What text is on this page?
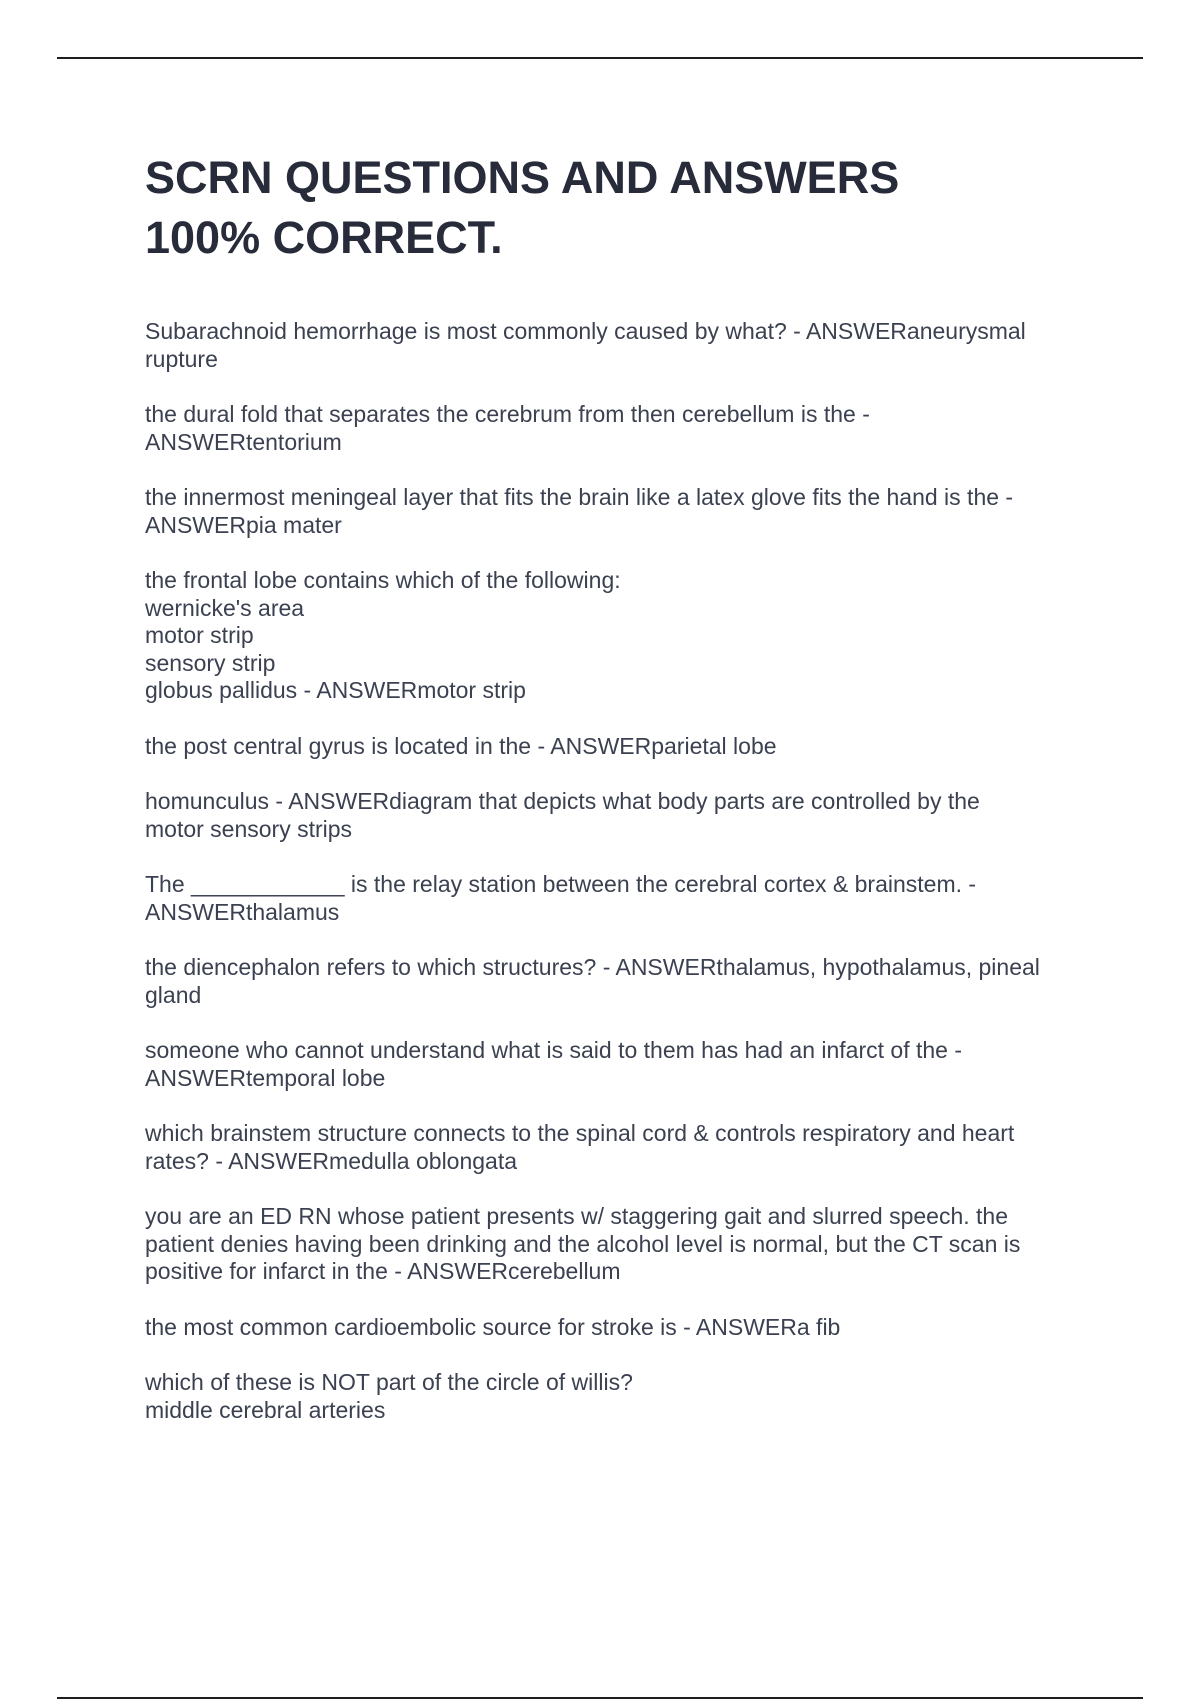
SCRN QUESTIONS AND ANSWERS
100% CORRECT.

Subarachnoid hemorrhage is most commonly caused by what? - ANSWERaneurysmal
rupture

the dural fold that separates the cerebrum from then cerebellum is the -
ANSWERtentorium

the innermost meningeal layer that fits the brain like a latex glove fits the hand is the -
ANSWERpia mater

the frontal lobe contains which of the following:
wernicke's area
motor strip
sensory strip
globus pallidus - ANSWERmotor strip

the post central gyrus is located in the - ANSWERparietal lobe

homunculus - ANSWERdiagram that depicts what body parts are controlled by the
motor sensory strips

The ____________ is the relay station between the cerebral cortex & brainstem. -
ANSWERthalamus

the diencephalon refers to which structures? - ANSWERthalamus, hypothalamus, pineal
gland

someone who cannot understand what is said to them has had an infarct of the -
ANSWERtemporal lobe

which brainstem structure connects to the spinal cord & controls respiratory and heart
rates? - ANSWERmedulla oblongata

you are an ED RN whose patient presents w/ staggering gait and slurred speech. the
patient denies having been drinking and the alcohol level is normal, but the CT scan is
positive for infarct in the - ANSWERcerebellum

the most common cardioembolic source for stroke is - ANSWERa fib

which of these is NOT part of the circle of willis?
middle cerebral arteries
